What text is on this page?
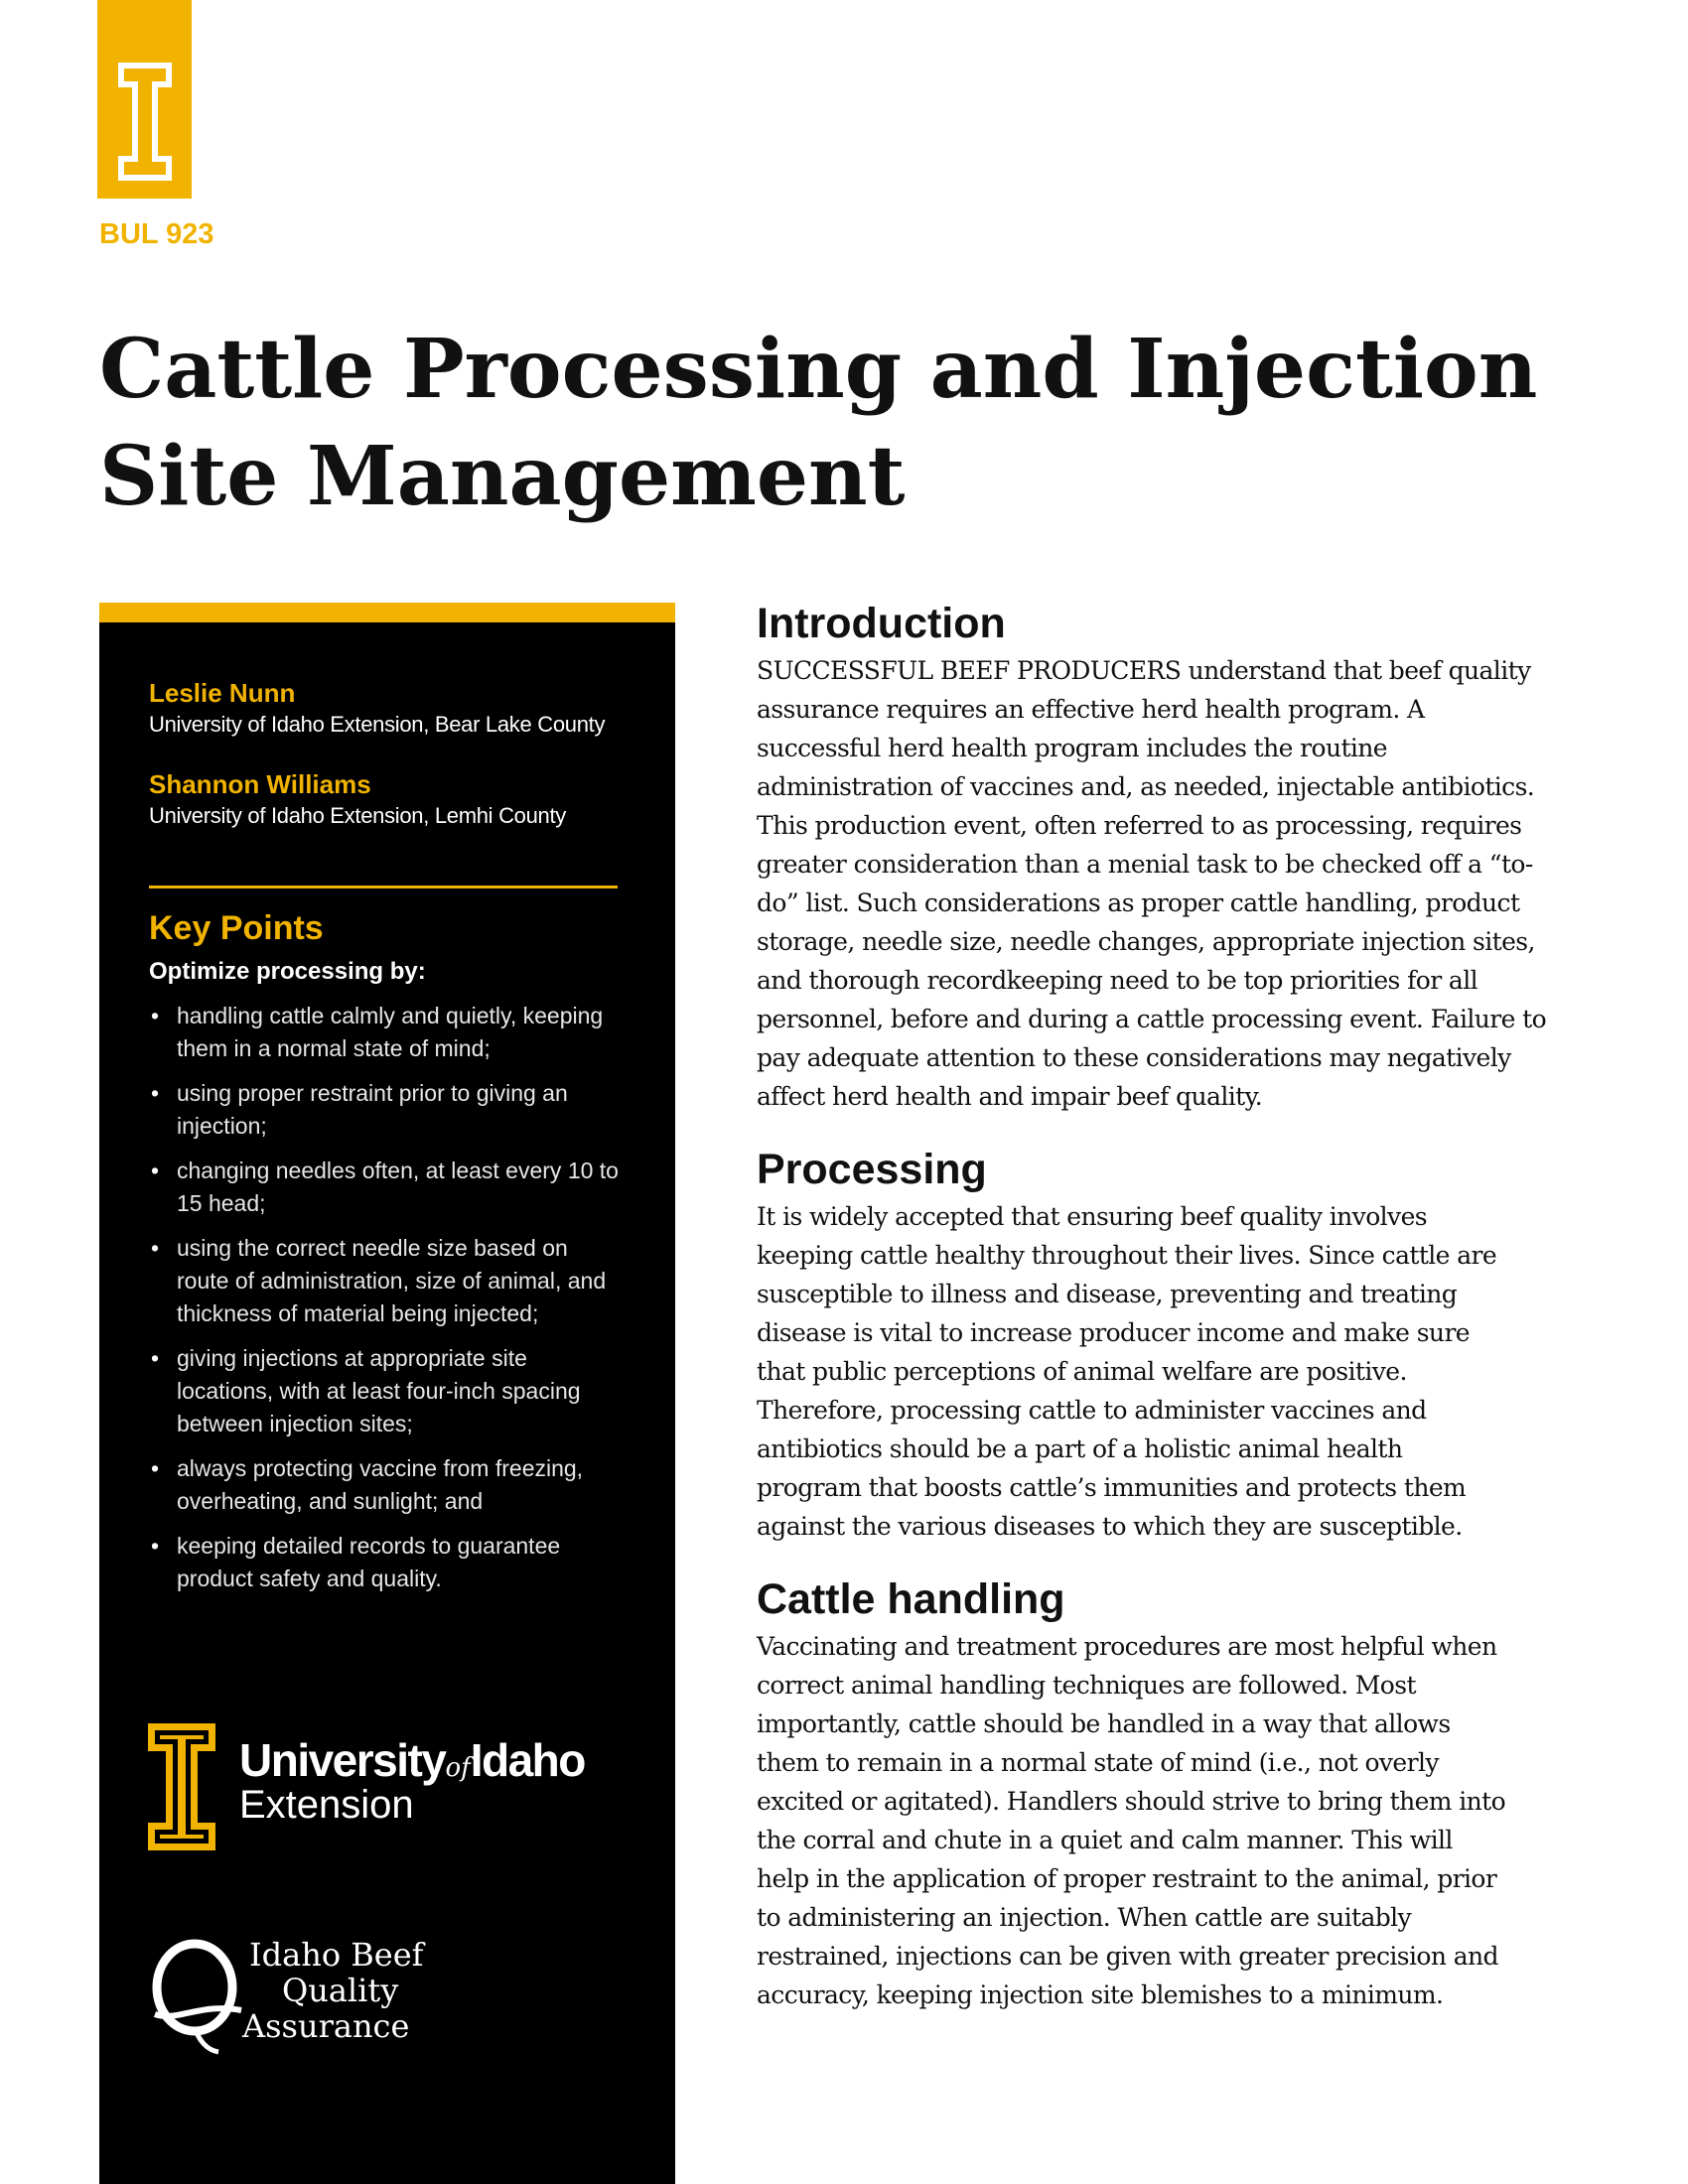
BUL 923
Cattle Processing and Injection Site Management
Leslie Nunn
University of Idaho Extension, Bear Lake County
Shannon Williams
University of Idaho Extension, Lemhi County
Key Points
Optimize processing by:
• handling cattle calmly and quietly, keeping them in a normal state of mind;
• using proper restraint prior to giving an injection;
• changing needles often, at least every 10 to 15 head;
• using the correct needle size based on route of administration, size of animal, and thickness of material being injected;
• giving injections at appropriate site locations, with at least four-inch spacing between injection sites;
• always protecting vaccine from freezing, overheating, and sunlight; and
• keeping detailed records to guarantee product safety and quality.
UniversityofIdaho
Extension
Idaho Beef
Quality
Assurance
Introduction

SUCCESSFUL BEEF PRODUCERS understand that beef quality assurance requires an effective herd health program. A successful herd health program includes the routine administration of vaccines and, as needed, injectable antibiotics. This production event, often referred to as processing, requires greater consideration than a menial task to be checked off a “to-do” list. Such considerations as proper cattle handling, product storage, needle size, needle changes, appropriate injection sites, and thorough recordkeeping need to be top priorities for all personnel, before and during a cattle processing event. Failure to pay adequate attention to these considerations may negatively affect herd health and impair beef quality.

Processing

It is widely accepted that ensuring beef quality involves keeping cattle healthy throughout their lives. Since cattle are susceptible to illness and disease, preventing and treating disease is vital to increase producer income and make sure that public perceptions of animal welfare are positive. Therefore, processing cattle to administer vaccines and antibiotics should be a part of a holistic animal health program that boosts cattle’s immunities and protects them against the various diseases to which they are susceptible.

Cattle handling

Vaccinating and treatment procedures are most helpful when correct animal handling techniques are followed. Most importantly, cattle should be handled in a way that allows them to remain in a normal state of mind (i.e., not overly excited or agitated). Handlers should strive to bring them into the corral and chute in a quiet and calm manner. This will help in the application of proper restraint to the animal, prior to administering an injection. When cattle are suitably restrained, injections can be given with greater precision and accuracy, keeping injection site blemishes to a minimum.
